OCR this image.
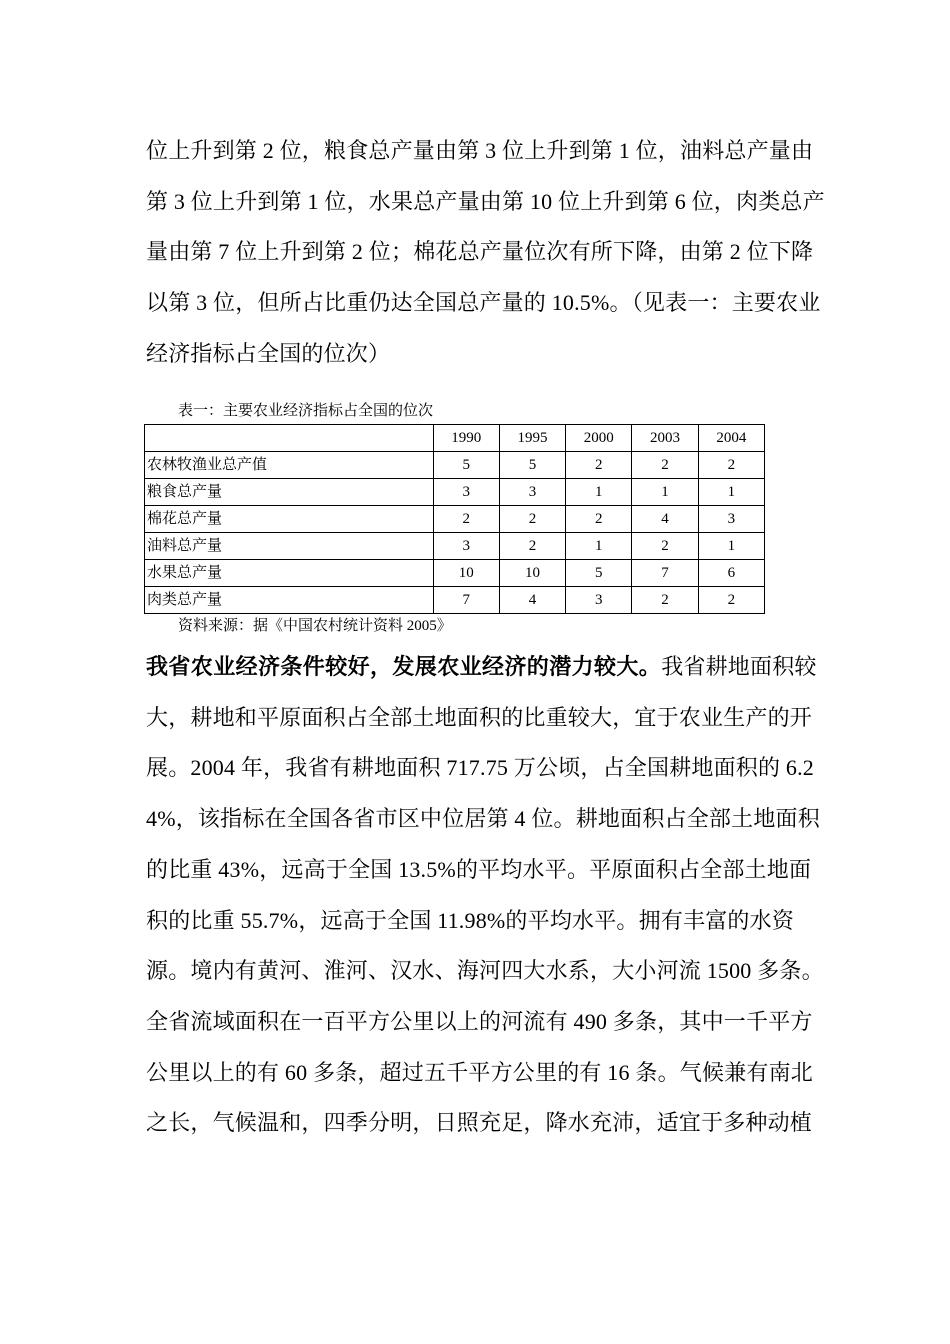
位上升到第 2 位，粮食总产量由第 3 位上升到第 1 位，油料总产量由第 3 位上升到第 1 位，水果总产量由第 10 位上升到第 6 位，肉类总产量由第 7 位上升到第 2 位；棉花总产量位次有所下降，由第 2 位下降以第 3 位，但所占比重仍达全国总产量的 10.5%。（见表一：主要农业经济指标占全国的位次）
表一：主要农业经济指标占全国的位次
	1990	1995	2000	2003	2004
农林牧渔业总产值	5	5	2	2	2
粮食总产量	3	3	1	1	1
棉花总产量	2	2	2	4	3
油料总产量	3	2	1	2	1
水果总产量	10	10	5	7	6
肉类总产量	7	4	3	2	2
资料来源：据《中国农村统计资料 2005》
我省农业经济条件较好，发展农业经济的潜力较大。我省耕地面积较大，耕地和平原面积占全部土地面积的比重较大，宜于农业生产的开展。2004 年，我省有耕地面积 717.75 万公顷，占全国耕地面积的 6.24%，该指标在全国各省市区中位居第 4 位。耕地面积占全部土地面积的比重 43%，远高于全国 13.5%的平均水平。平原面积占全部土地面积的比重 55.7%，远高于全国 11.98%的平均水平。拥有丰富的水资源。境内有黄河、淮河、汉水、海河四大水系，大小河流 1500 多条。全省流域面积在一百平方公里以上的河流有 490 多条，其中一千平方公里以上的有 60 多条，超过五千平方公里的有 16 条。气候兼有南北之长，气候温和，四季分明，日照充足，降水充沛，适宜于多种动植
